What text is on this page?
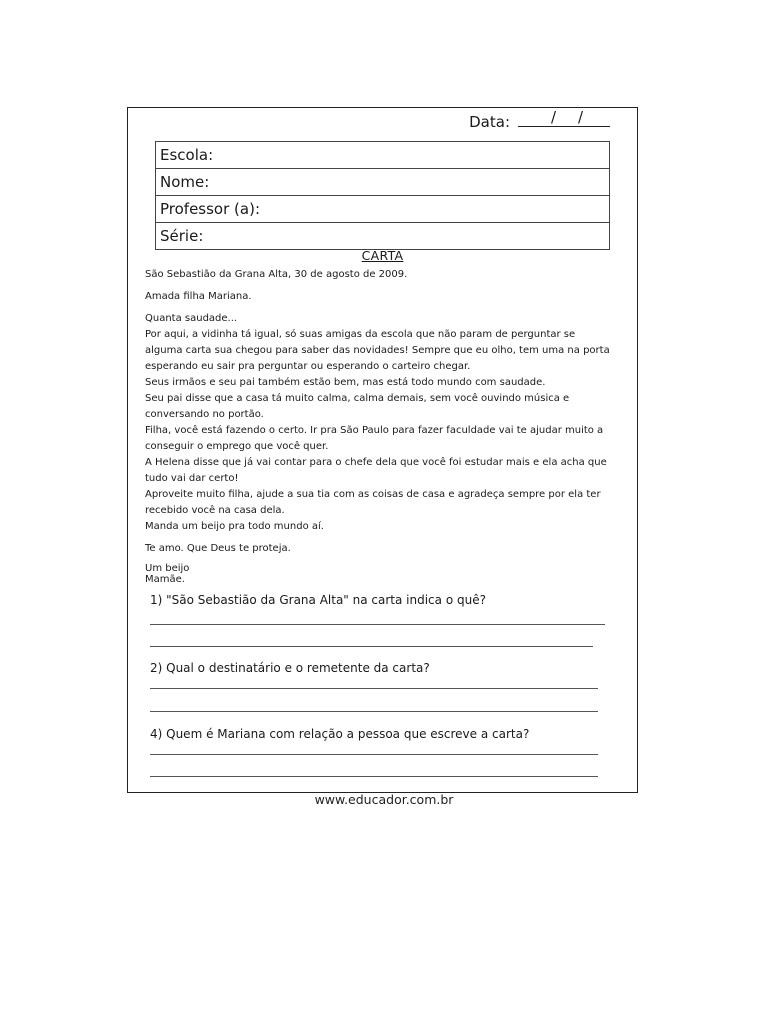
Data:	/ /
Escola:
Nome:
Professor (a):
Série:
CARTA

São Sebastião da Grana Alta, 30 de agosto de 2009.

Amada filha Mariana.

Quanta saudade...

Por aqui, a vidinha tá igual, só suas amigas da escola que não param de perguntar se

alguma carta sua chegou para saber das novidades! Sempre que eu olho, tem uma na porta

esperando eu sair pra perguntar ou esperando o carteiro chegar.

Seus irmãos e seu pai também estão bem, mas está todo mundo com saudade.

Seu pai disse que a casa tá muito calma, calma demais, sem você ouvindo música e

conversando no portão.

Filha, você está fazendo o certo. Ir pra São Paulo para fazer faculdade vai te ajudar muito a

conseguir o emprego que você quer.

A Helena disse que já vai contar para o chefe dela que você foi estudar mais e ela acha que

tudo vai dar certo!

Aproveite muito filha, ajude a sua tia com as coisas de casa e agradeça sempre por ela ter

recebido você na casa dela.

Manda um beijo pra todo mundo aí.

Te amo. Que Deus te proteja.

Um beijo

Mamãe.

1) "São Sebastião da Grana Alta" na carta indica o quê?
2) Qual o destinatário e o remetente da carta?
4) Quem é Mariana com relação a pessoa que escreve a carta?
www.educador.com.br
